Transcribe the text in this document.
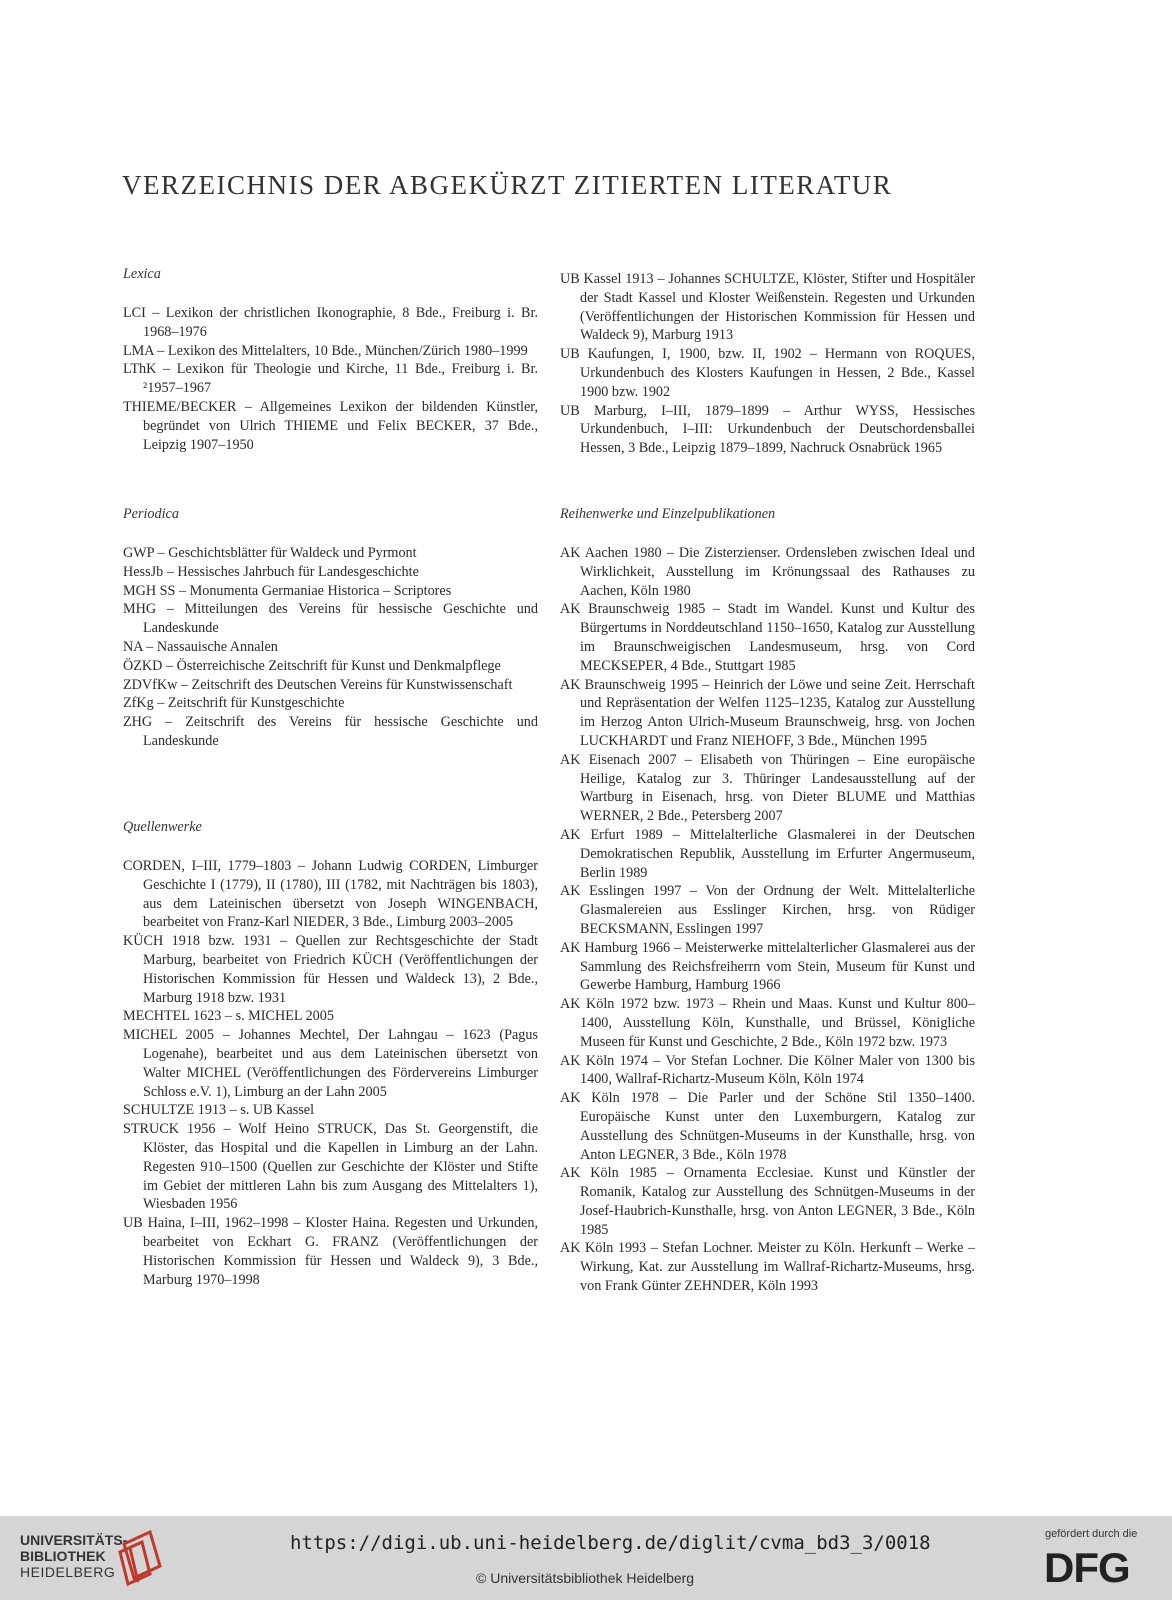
VERZEICHNIS DER ABGEKÜRZT ZITIERTEN LITERATUR

Lexica

LCI – Lexikon der christlichen Ikonographie, 8 Bde., Freiburg i. Br. 1968–1976

LMA – Lexikon des Mittelalters, 10 Bde., München/Zürich 1980–1999

LThK – Lexikon für Theologie und Kirche, 11 Bde., Freiburg i. Br. ²1957–1967

THIEME/BECKER – Allgemeines Lexikon der bildenden Künstler, begründet von Ulrich THIEME und Felix BECKER, 37 Bde., Leipzig 1907–1950

Periodica

GWP – Geschichtsblätter für Waldeck und Pyrmont

HessJb – Hessisches Jahrbuch für Landesgeschichte

MGH SS – Monumenta Germaniae Historica – Scriptores

MHG – Mitteilungen des Vereins für hessische Geschichte und Landeskunde

NA – Nassauische Annalen

ÖZKD – Österreichische Zeitschrift für Kunst und Denkmalpflege

ZDVfKw – Zeitschrift des Deutschen Vereins für Kunstwissenschaft

ZfKg – Zeitschrift für Kunstgeschichte

ZHG – Zeitschrift des Vereins für hessische Geschichte und Landeskunde

Quellenwerke

CORDEN, I–III, 1779–1803 – Johann Ludwig CORDEN, Limburger Geschichte I (1779), II (1780), III (1782, mit Nachträgen bis 1803), aus dem Lateinischen übersetzt von Joseph WINGENBACH, bearbeitet von Franz-Karl NIEDER, 3 Bde., Limburg 2003–2005

KÜCH 1918 bzw. 1931 – Quellen zur Rechtsgeschichte der Stadt Marburg, bearbeitet von Friedrich KÜCH (Veröffentlichungen der Historischen Kommission für Hessen und Waldeck 13), 2 Bde., Marburg 1918 bzw. 1931

MECHTEL 1623 – s. MICHEL 2005

MICHEL 2005 – Johannes Mechtel, Der Lahngau – 1623 (Pagus Logenahe), bearbeitet und aus dem Lateinischen übersetzt von Walter MICHEL (Veröffentlichungen des Fördervereins Limburger Schloss e.V. 1), Limburg an der Lahn 2005

SCHULTZE 1913 – s. UB Kassel

STRUCK 1956 – Wolf Heino STRUCK, Das St. Georgenstift, die Klöster, das Hospital und die Kapellen in Limburg an der Lahn. Regesten 910–1500 (Quellen zur Geschichte der Klöster und Stifte im Gebiet der mittleren Lahn bis zum Ausgang des Mittelalters 1), Wiesbaden 1956

UB Haina, I–III, 1962–1998 – Kloster Haina. Regesten und Urkunden, bearbeitet von Eckhart G. FRANZ (Veröffentlichungen der Historischen Kommission für Hessen und Waldeck 9), 3 Bde., Marburg 1970–1998

UB Kassel 1913 – Johannes SCHULTZE, Klöster, Stifter und Hospitäler der Stadt Kassel und Kloster Weißenstein. Regesten und Urkunden (Veröffentlichungen der Historischen Kommission für Hessen und Waldeck 9), Marburg 1913

UB Kaufungen, I, 1900, bzw. II, 1902 – Hermann von ROQUES, Urkundenbuch des Klosters Kaufungen in Hessen, 2 Bde., Kassel 1900 bzw. 1902

UB Marburg, I–III, 1879–1899 – Arthur WYSS, Hessisches Urkundenbuch, I–III: Urkundenbuch der Deutschordensballei Hessen, 3 Bde., Leipzig 1879–1899, Nachruck Osnabrück 1965

Reihenwerke und Einzelpublikationen

AK Aachen 1980 – Die Zisterzienser. Ordensleben zwischen Ideal und Wirklichkeit, Ausstellung im Krönungssaal des Rathauses zu Aachen, Köln 1980

AK Braunschweig 1985 – Stadt im Wandel. Kunst und Kultur des Bürgertums in Norddeutschland 1150–1650, Katalog zur Ausstellung im Braunschweigischen Landesmuseum, hrsg. von Cord MECKSEPER, 4 Bde., Stuttgart 1985

AK Braunschweig 1995 – Heinrich der Löwe und seine Zeit. Herrschaft und Repräsentation der Welfen 1125–1235, Katalog zur Ausstellung im Herzog Anton Ulrich-Museum Braunschweig, hrsg. von Jochen LUCKHARDT und Franz NIEHOFF, 3 Bde., München 1995

AK Eisenach 2007 – Elisabeth von Thüringen – Eine europäische Heilige, Katalog zur 3. Thüringer Landesausstellung auf der Wartburg in Eisenach, hrsg. von Dieter BLUME und Matthias WERNER, 2 Bde., Petersberg 2007

AK Erfurt 1989 – Mittelalterliche Glasmalerei in der Deutschen Demokratischen Republik, Ausstellung im Erfurter Angermuseum, Berlin 1989

AK Esslingen 1997 – Von der Ordnung der Welt. Mittelalterliche Glasmalereien aus Esslinger Kirchen, hrsg. von Rüdiger BECKSMANN, Esslingen 1997

AK Hamburg 1966 – Meisterwerke mittelalterlicher Glasmalerei aus der Sammlung des Reichsfreiherrn vom Stein, Museum für Kunst und Gewerbe Hamburg, Hamburg 1966

AK Köln 1972 bzw. 1973 – Rhein und Maas. Kunst und Kultur 800–1400, Ausstellung Köln, Kunsthalle, und Brüssel, Königliche Museen für Kunst und Geschichte, 2 Bde., Köln 1972 bzw. 1973

AK Köln 1974 – Vor Stefan Lochner. Die Kölner Maler von 1300 bis 1400, Wallraf-Richartz-Museum Köln, Köln 1974

AK Köln 1978 – Die Parler und der Schöne Stil 1350–1400. Europäische Kunst unter den Luxemburgern, Katalog zur Ausstellung des Schnütgen-Museums in der Kunsthalle, hrsg. von Anton LEGNER, 3 Bde., Köln 1978

AK Köln 1985 – Ornamenta Ecclesiae. Kunst und Künstler der Romanik, Katalog zur Ausstellung des Schnütgen-Museums in der Josef-Haubrich-Kunsthalle, hrsg. von Anton LEGNER, 3 Bde., Köln 1985

AK Köln 1993 – Stefan Lochner. Meister zu Köln. Herkunft – Werke – Wirkung, Kat. zur Ausstellung im Wallraf-Richartz-Museums, hrsg. von Frank Günter ZEHNDER, Köln 1993

UNIVERSITÄTS-
BIBLIOTHEK
HEIDELBERG
https://digi.ub.uni-heidelberg.de/diglit/cvma_bd3_3/0018
© Universitätsbibliothek Heidelberg
gefördert durch die
DFG
